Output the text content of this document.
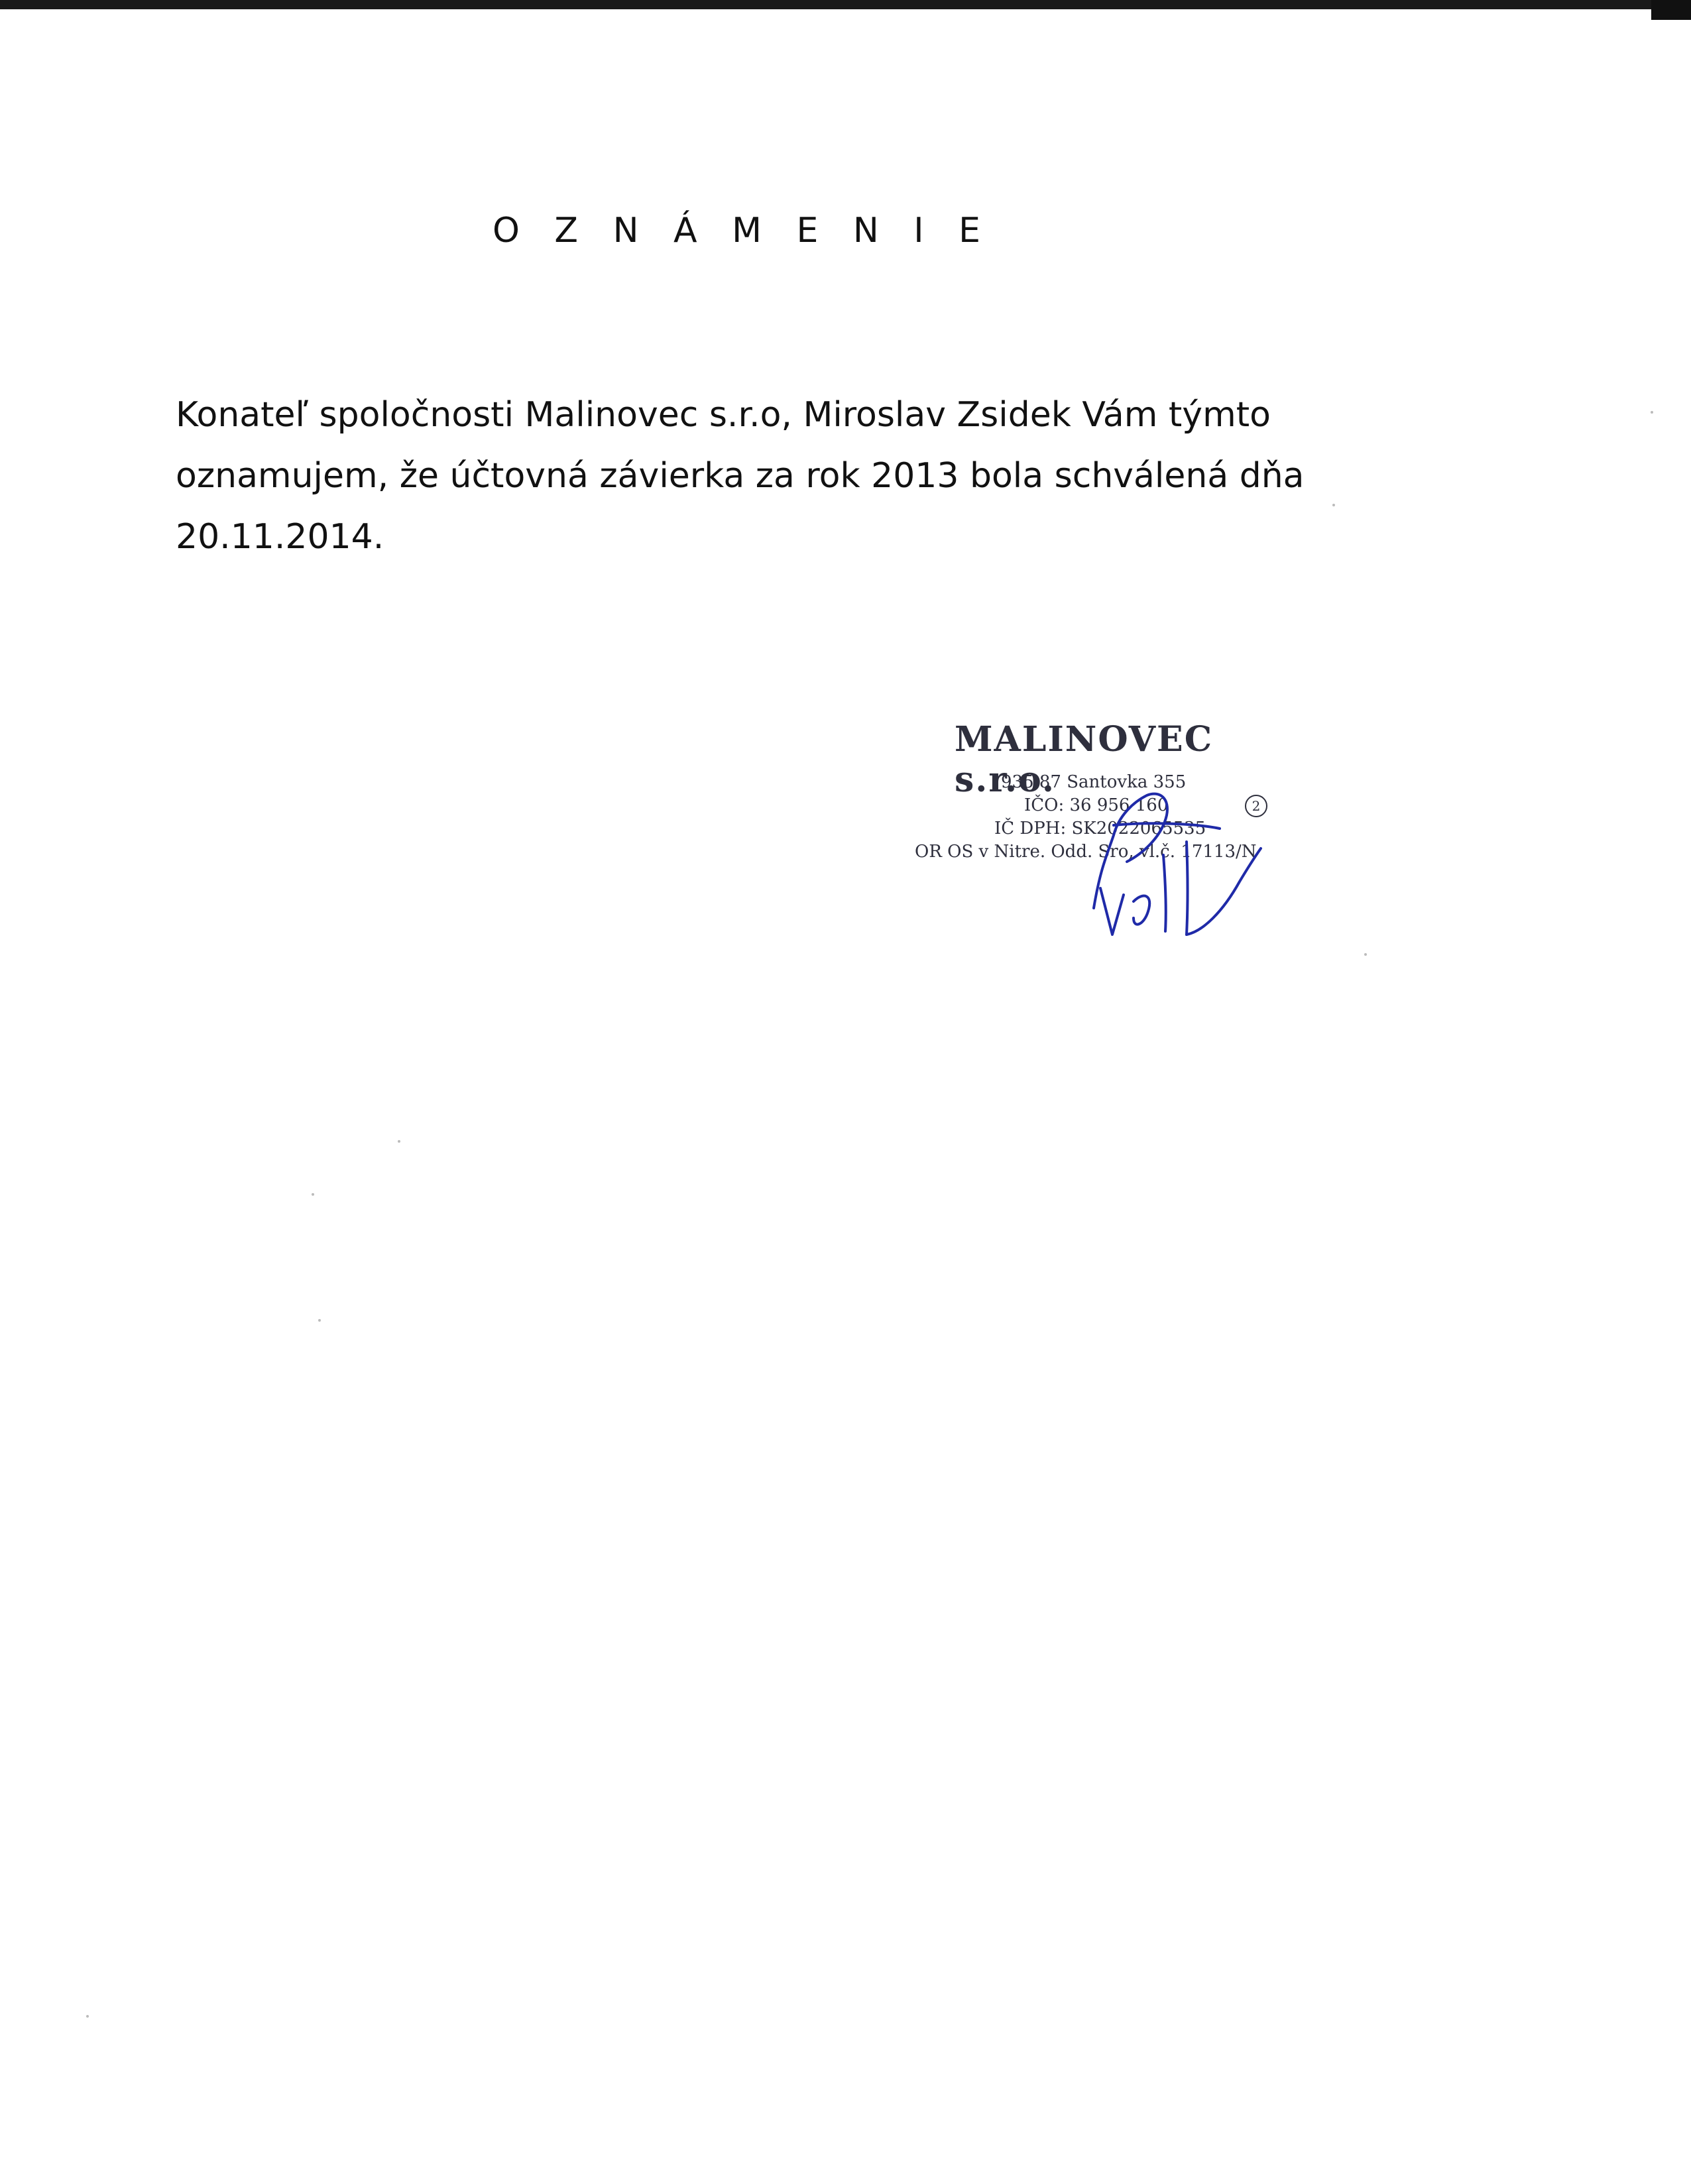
O Z N Á M E N I E

Konateľ spoločnosti Malinovec s.r.o, Miroslav Zsidek Vám týmto

oznamujem, že účtovná závierka za rok 2013 bola schválená dňa

20.11.2014.

MALINOVEC s.r.o.
935 87 Santovka 355
IČO: 36 956 160
IČ DPH: SK2022065535
OR OS v Nitre. Odd. Sro, vl.č. 17113/N
2
